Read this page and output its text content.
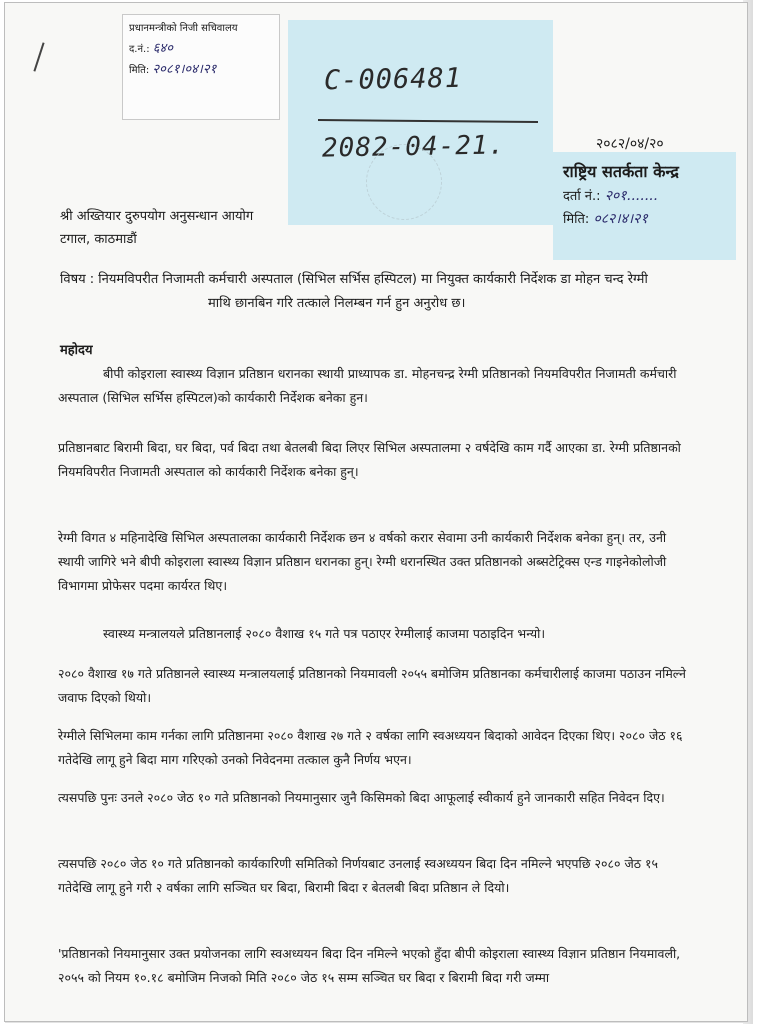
प्रधानमन्त्रीको निजी सचिवालय
द.नं.: ६४०
मिति: २०८१।०४।२१	C-006481
2082-04-21.	२०८२/०४/२०
राष्ट्रिय सतर्कता केन्द्र
दर्ता नं.: २०१.......
मिति: ०८२।४।२१
श्री अख्तियार दुरुपयोग अनुसन्धान आयोग
टगाल, काठमाडौं
विषय : नियमविपरीत निजामती कर्मचारी अस्पताल (सिभिल सर्भिस हस्पिटल) मा नियुक्त कार्यकारी निर्देशक डा मोहन चन्द रेग्मी
माथि छानबिन गरि तत्काले निलम्बन गर्न हुन अनुरोध छ।
महोदय
बीपी कोइराला स्वास्थ्य विज्ञान प्रतिष्ठान धरानका स्थायी प्राध्यापक डा. मोहनचन्द्र रेग्मी प्रतिष्ठानको नियमविपरीत निजामती कर्मचारी अस्पताल (सिभिल सर्भिस हस्पिटल)को कार्यकारी निर्देशक बनेका हुन।
प्रतिष्ठानबाट बिरामी बिदा, घर बिदा, पर्व बिदा तथा बेतलबी बिदा लिएर सिभिल अस्पतालमा २ वर्षदेखि काम गर्दै आएका डा. रेग्मी प्रतिष्ठानको नियमविपरीत निजामती अस्पताल को कार्यकारी निर्देशक बनेका हुन्।
रेग्मी विगत ४ महिनादेखि सिभिल अस्पतालका कार्यकारी निर्देशक छन ४ वर्षको करार सेवामा उनी कार्यकारी निर्देशक बनेका हुन्। तर, उनी स्थायी जागिरे भने बीपी कोइराला स्वास्थ्य विज्ञान प्रतिष्ठान धरानका हुन्। रेग्मी धरानस्थित उक्त प्रतिष्ठानको अब्सटेट्रिक्स एन्ड गाइनेकोलोजी विभागमा प्रोफेसर पदमा कार्यरत थिए।
स्वास्थ्य मन्त्रालयले प्रतिष्ठानलाई २०८० वैशाख १५ गते पत्र पठाएर रेग्मीलाई काजमा पठाइदिन भन्यो।
२०८० वैशाख १७ गते प्रतिष्ठानले स्वास्थ्य मन्त्रालयलाई प्रतिष्ठानको नियमावली २०५५ बमोजिम प्रतिष्ठानका कर्मचारीलाई काजमा पठाउन नमिल्ने जवाफ दिएको थियो।
रेग्मीले सिभिलमा काम गर्नका लागि प्रतिष्ठानमा २०८० वैशाख २७ गते २ वर्षका लागि स्वअध्ययन बिदाको आवेदन दिएका थिए। २०८० जेठ १६ गतेदेखि लागू हुने बिदा माग गरिएको उनको निवेदनमा तत्काल कुनै निर्णय भएन।
त्यसपछि पुनः उनले २०८० जेठ १० गते प्रतिष्ठानको नियमानुसार जुनै किसिमको बिदा आफूलाई स्वीकार्य हुने जानकारी सहित निवेदन दिए।
त्यसपछि २०८० जेठ १० गते प्रतिष्ठानको कार्यकारिणी समितिको निर्णयबाट उनलाई स्वअध्ययन बिदा दिन नमिल्ने भएपछि २०८० जेठ १५ गतेदेखि लागू हुने गरी २ वर्षका लागि सञ्चित घर बिदा, बिरामी बिदा र बेतलबी बिदा प्रतिष्ठान ले दियो।
'प्रतिष्ठानको नियमानुसार उक्त प्रयोजनका लागि स्वअध्ययन बिदा दिन नमिल्ने भएको हुँदा बीपी कोइराला स्वास्थ्य विज्ञान प्रतिष्ठान नियमावली, २०५५ को नियम १०.१८ बमोजिम निजको मिति २०८० जेठ १५ सम्म सञ्चित घर बिदा र बिरामी बिदा गरी जम्मा
